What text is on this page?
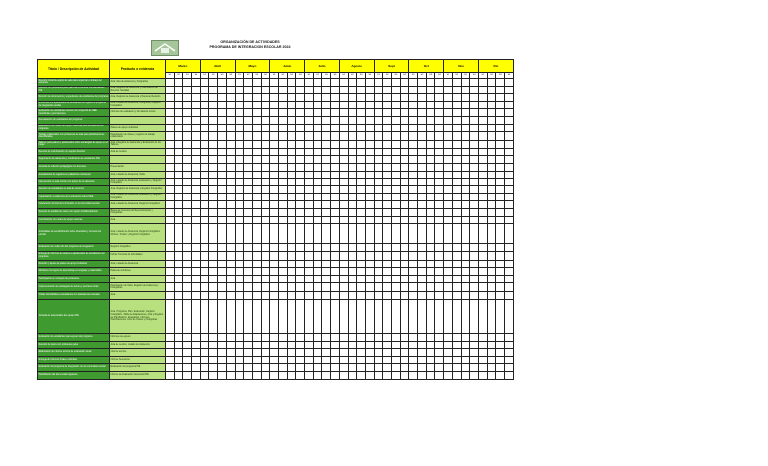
ORGANIZACIÓN DE ACTIVIDADES
PROGRAMA DE INTEGRACION ESCOLAR 2024
Título / Descripción de Actividad	Producto o evidencia	Marzo				Abril				Mayo				Junio				Julio				Agosto				Sept				Oct				Nov				Dic			
		S1	S2	S3	S4	S1	S2	S3	S4	S1	S2	S3	S4	S1	S2	S3	S4	S1	S2	S3	S4	S1	S2	S3	S4	S1	S2	S3	S4	S1	S2	S3	S4	S1	S2	S3	S4	S1	S2	S3	S4
Reunión inicial de equipo de aula para organizar el trabajo del semestre	Acta, lista de asistencia y fotografías																																								
Reunión con profesores jefes para dar a conocer los estudiantes PIE	Acta, Registro de Asistencia y Planificación de Reunión, Medidas																																								
Revisión de documentos y expedientes de estudiantes del programa	Acta, Registro de Asistencia y Pauta de Revisión																																								
Entrevista con apoderados de estudiantes de ingreso al programa de integración escolar	Acta, Listado de Asistencia, Fotografía y Registro Fotográfico																																								
Evaluación de estudiantes nuevos con sospecha de NEE transitorias y permanentes	Informes de evaluación y formularios únicos																																								
Reevaluación de estudiantes del programa																																									
Elaboración de Planes de Apoyo Individual para estudiantes del programa	Planes de apoyo individual																																								
Trabajo colaborativo con profesores de aula para planificaciones diversificadas	Planificación de clases y registro de trabajo colaborativo																																								
Talleres para padres y apoderados sobre estrategias de apoyo en el hogar	Acta y Registro de Asistencia y Evaluación de los Talleres																																								
Reunión de coordinación con equipo directivo	Acta de reunión																																								
Seguimiento de asistencia y rendimiento de estudiantes PIE																																									
Jornada de reflexión pedagógica con docentes	Presentación																																								
Actualización de registros en plataforma ministerial	Acta, Listado de Asistencia, Tabla																																								
Intervención en aula común con apoyo de co-docencia	Acta, Listado de Asistencia, Evaluación y Registro Fotográfico																																								
Atención de estudiantes en aula de recursos	Acta, Registro de Asistencia y Registro Fotográfico																																								
Capacitación a asistentes de la educación sobre NEE	Acta, Listado de Asistencia, Evaluación y Registro Fotográfico																																								
Celebración del Día de la Inclusión en la comunidad escolar	Acta, Listado de Asistencia, Registro Fotográfico																																								
Reunión de análisis de casos con equipo multidisciplinario	Bases de Concurso de Reconocimiento y Fotografías																																								
Coordinación con redes de apoyo externas	Acta																																								
Actividades de sensibilización sobre diversidad y convivencia escolar	Acta, Listado de Asistencia, Registro Fotográfico, Afiches, Tríptico y Registro Fotográfico																																								
Evaluación de medio año del programa de integración	Registro fotográfico																																								
Entrega de informes de avance a apoderados de estudiantes del programa	Fichas Técnicas de Actividades																																								
Revisión y ajuste de planes de apoyo individual	Acta, Listado de Asistencia																																								
Monitoreo de logros de aprendizaje en lenguaje y matemática	Pauta de monitoreo																																								
Participación en consejos de profesores	Acta																																								
Implementación de estrategias de lectura y escritura inicial	Planificación de Taller, Registro de Asistencia y Fotografías																																								
Visitas domiciliarias a estudiantes con inasistencia reiterada	Acta																																								
Jornada de autocuidado del equipo PIE	Acta, Programa, Plan, Evaluación, Registro Fotográfico, Tabla de Adaptaciones, Acta y Registro de Planificación, Evaluación, Informes, Planificaciones, Libro de Clases y Fotografías																																								
Evaluación de estudiantes para egreso del programa	Informes de egreso																																								
Reunión de cierre con profesores jefes	Acta de reunión, Listado de Asistencia																																								
Elaboración de informe técnico de evaluación anual	Informe técnico																																								
Entrega de informes finales a familias	Informe Semestral																																								
Evaluación del programa de integración con la comunidad escolar	Evaluación del programa PIE																																								
Planificación del año escolar siguiente	Informe de Evaluación Semestral PIE																																								
